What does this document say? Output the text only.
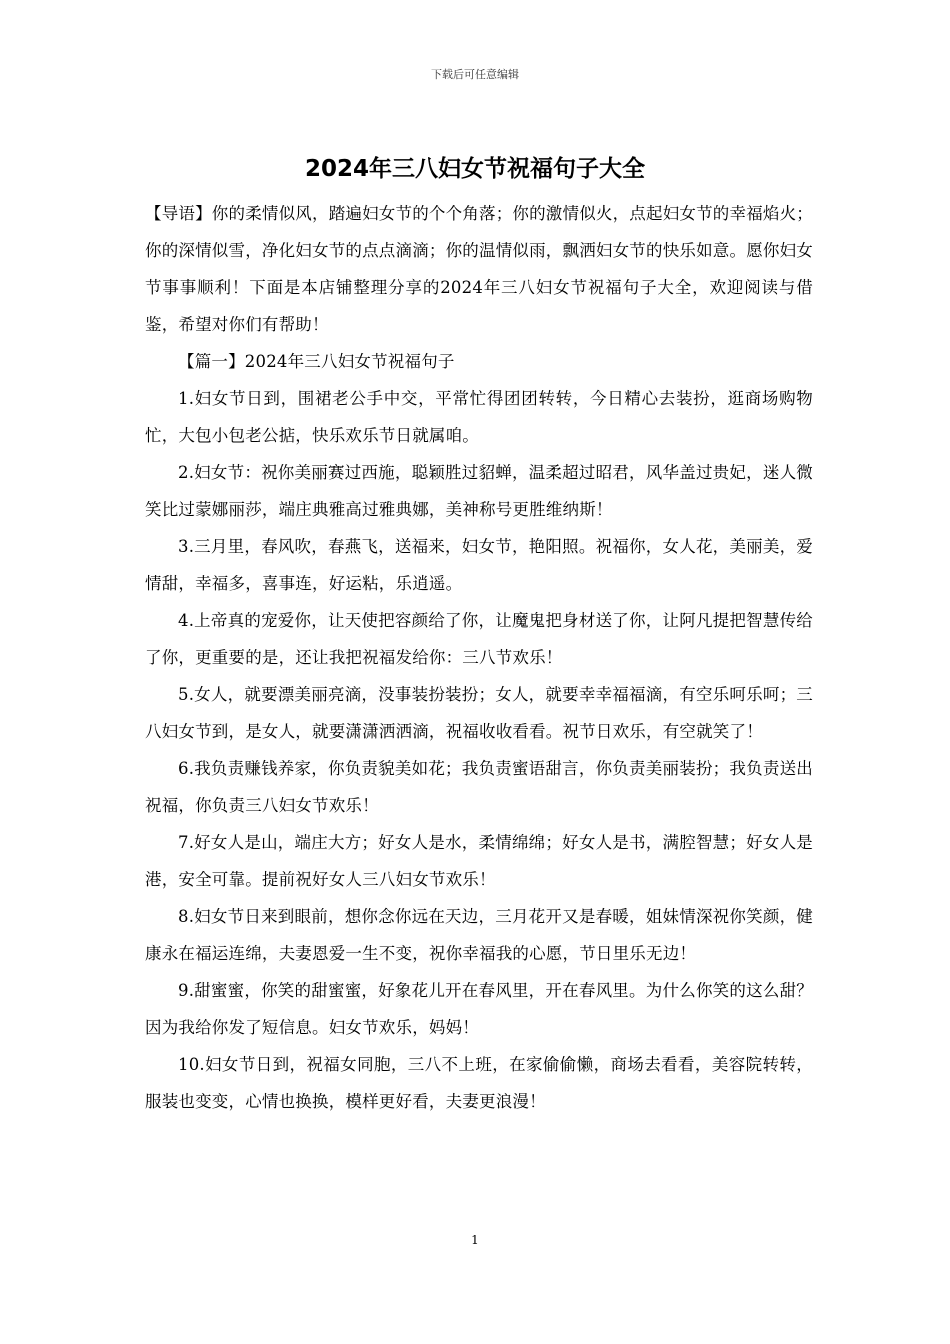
下载后可任意编辑
2024年三八妇女节祝福句子大全

【导语】你的柔情似风，踏遍妇女节的个个角落；你的激情似火，点起妇女节的幸福焰火；你的深情似雪，净化妇女节的点点滴滴；你的温情似雨，飘洒妇女节的快乐如意。愿你妇女节事事顺利！下面是本店铺整理分享的2024年三八妇女节祝福句子大全，欢迎阅读与借鉴，希望对你们有帮助！

【篇一】2024年三八妇女节祝福句子

1.妇女节日到，围裙老公手中交，平常忙得团团转转，今日精心去装扮，逛商场购物忙，大包小包老公掂，快乐欢乐节日就属咱。

2.妇女节：祝你美丽赛过西施，聪颖胜过貂蝉，温柔超过昭君，风华盖过贵妃，迷人微笑比过蒙娜丽莎，端庄典雅高过雅典娜，美神称号更胜维纳斯！

3.三月里，春风吹，春燕飞，送福来，妇女节，艳阳照。祝福你，女人花，美丽美，爱情甜，幸福多，喜事连，好运粘，乐逍遥。

4.上帝真的宠爱你，让天使把容颜给了你，让魔鬼把身材送了你，让阿凡提把智慧传给了你，更重要的是，还让我把祝福发给你：三八节欢乐！

5.女人，就要漂美丽亮滴，没事装扮装扮；女人，就要幸幸福福滴，有空乐呵乐呵；三八妇女节到，是女人，就要潇潇洒洒滴，祝福收收看看。祝节日欢乐，有空就笑了！

6.我负责赚钱养家，你负责貌美如花；我负责蜜语甜言，你负责美丽装扮；我负责送出祝福，你负责三八妇女节欢乐！

7.好女人是山，端庄大方；好女人是水，柔情绵绵；好女人是书，满腔智慧；好女人是港，安全可靠。提前祝好女人三八妇女节欢乐！

8.妇女节日来到眼前，想你念你远在天边，三月花开又是春暖，姐妹情深祝你笑颜，健康永在福运连绵，夫妻恩爱一生不变，祝你幸福我的心愿，节日里乐无边！

9.甜蜜蜜，你笑的甜蜜蜜，好象花儿开在春风里，开在春风里。为什么你笑的这么甜？因为我给你发了短信息。妇女节欢乐，妈妈！

10.妇女节日到，祝福女同胞，三八不上班，在家偷偷懒，商场去看看，美容院转转，服装也变变，心情也换换，模样更好看，夫妻更浪漫！

1
